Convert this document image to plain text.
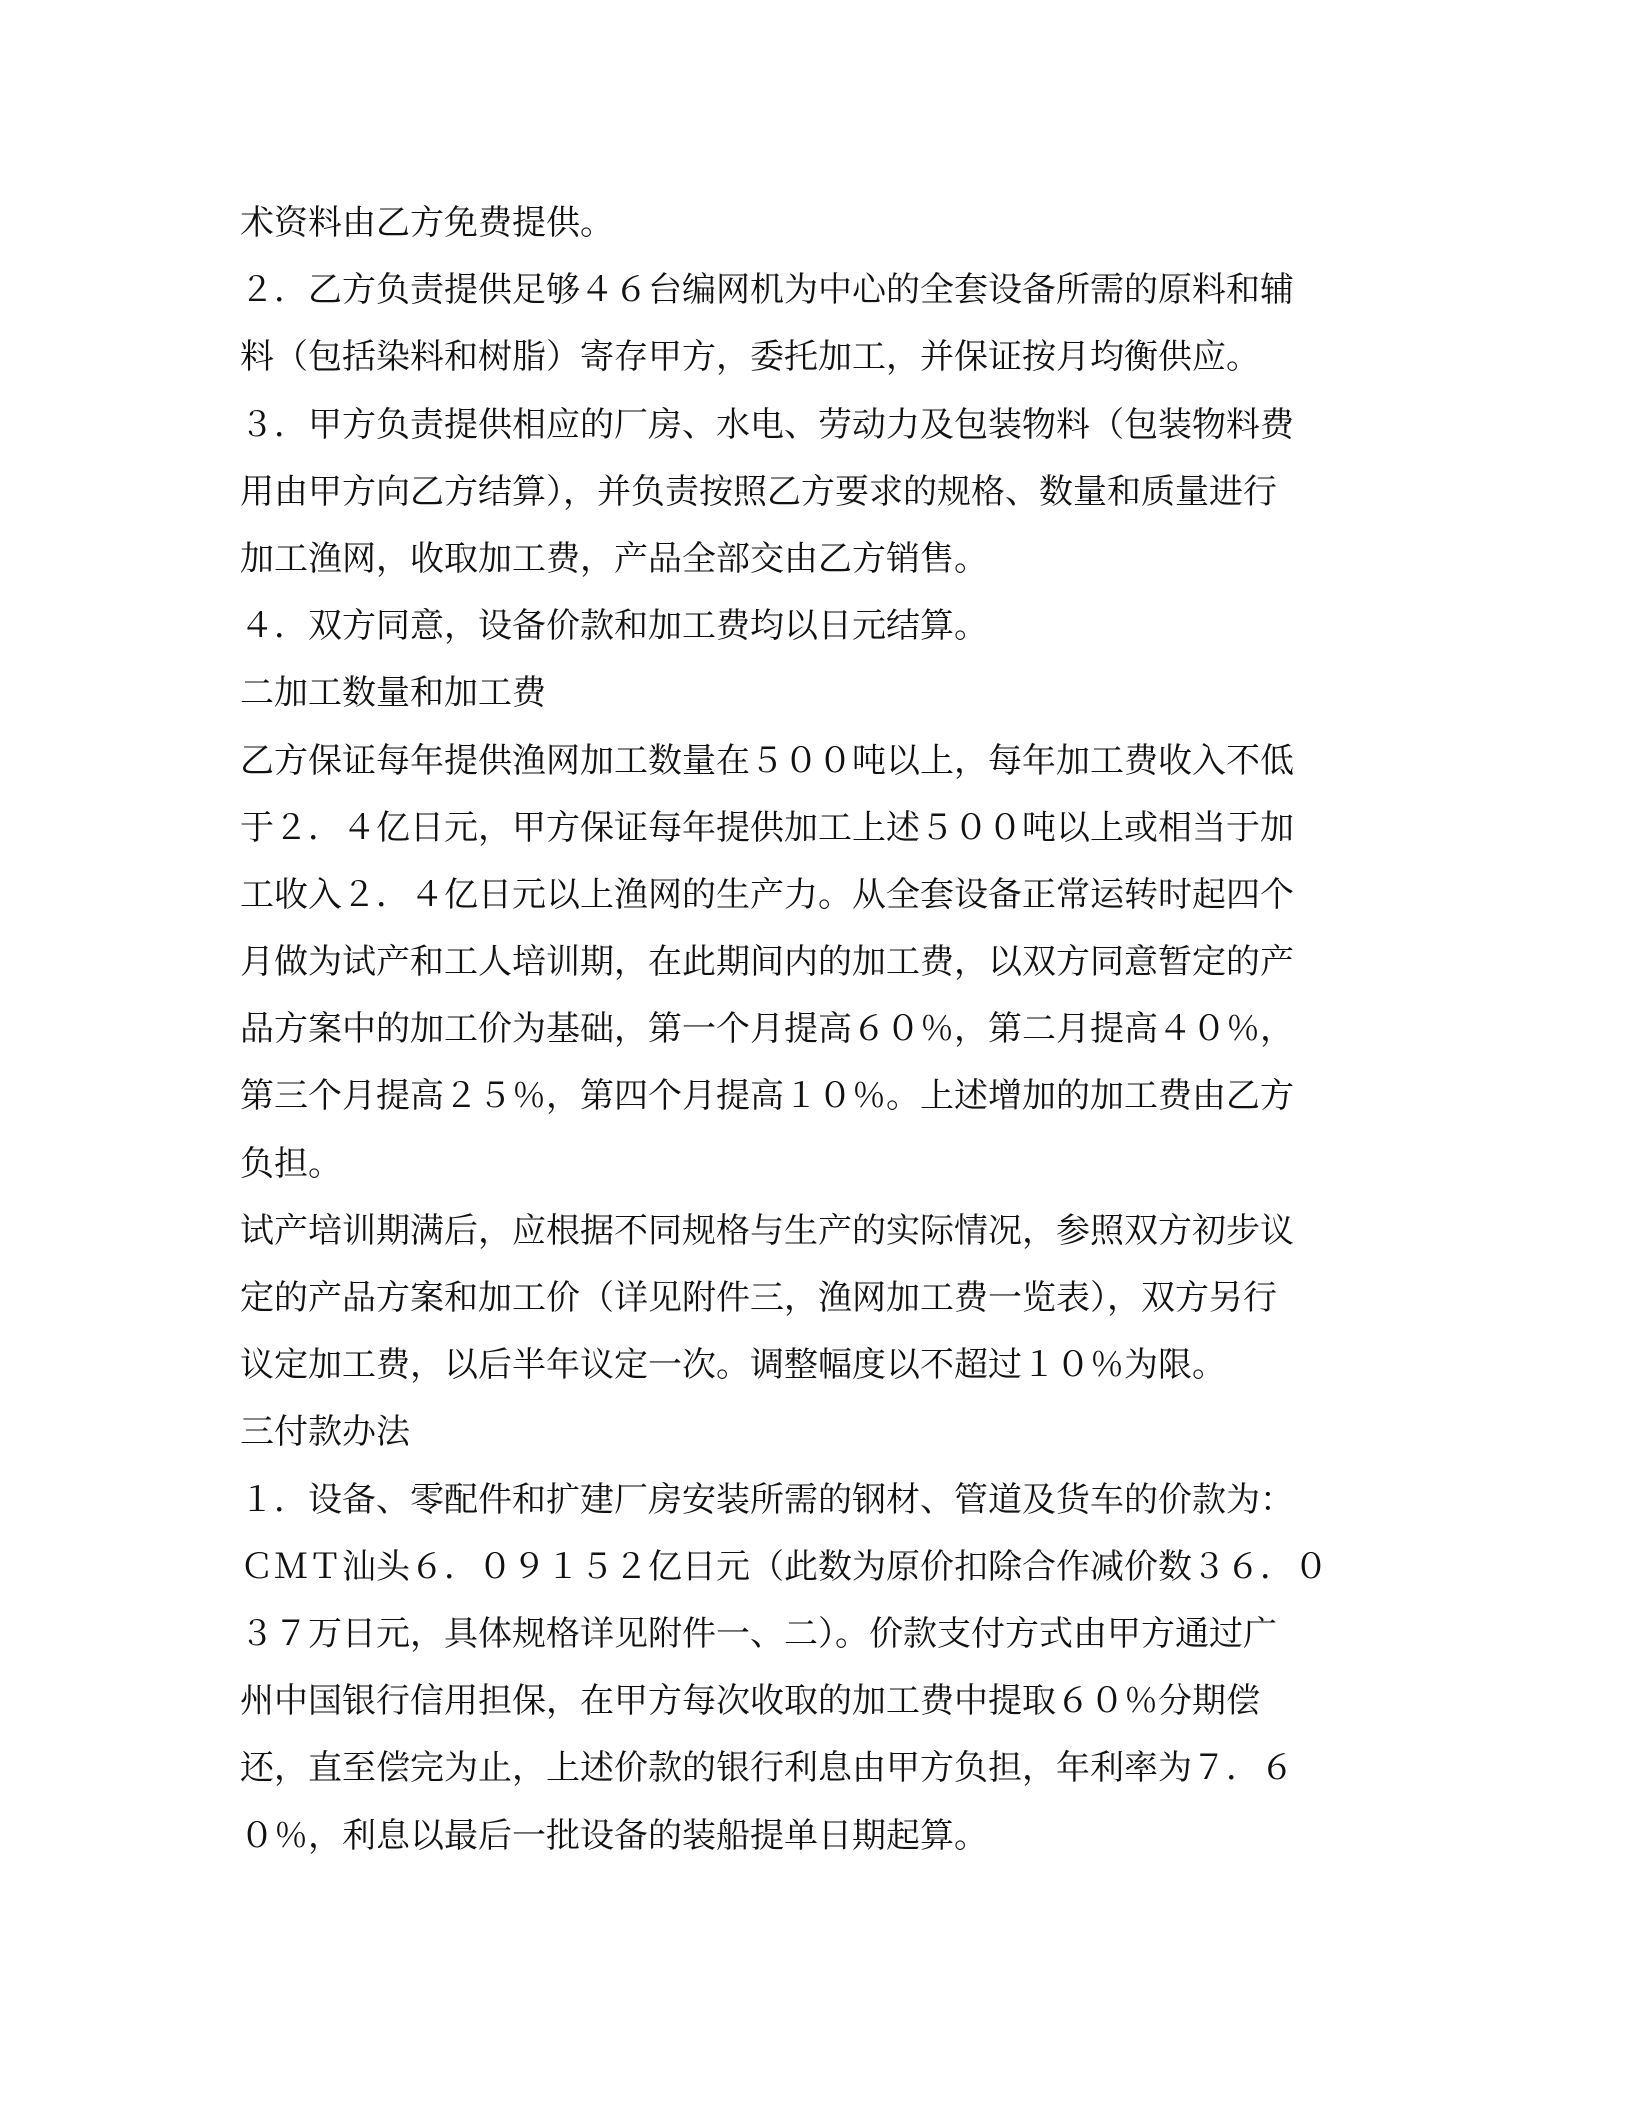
术资料由乙方免费提供。
２．乙方负责提供足够４６台编网机为中心的全套设备所需的原料和辅
料（包括染料和树脂）寄存甲方，委托加工，并保证按月均衡供应。
３．甲方负责提供相应的厂房、水电、劳动力及包装物料（包装物料费
用由甲方向乙方结算），并负责按照乙方要求的规格、数量和质量进行
加工渔网，收取加工费，产品全部交由乙方销售。
４．双方同意，设备价款和加工费均以日元结算。
二加工数量和加工费
乙方保证每年提供渔网加工数量在５００吨以上，每年加工费收入不低
于２．４亿日元，甲方保证每年提供加工上述５００吨以上或相当于加
工收入２．４亿日元以上渔网的生产力。从全套设备正常运转时起四个
月做为试产和工人培训期，在此期间内的加工费，以双方同意暂定的产
品方案中的加工价为基础，第一个月提高６０％，第二月提高４０％，
第三个月提高２５％，第四个月提高１０％。上述增加的加工费由乙方
负担。
试产培训期满后，应根据不同规格与生产的实际情况，参照双方初步议
定的产品方案和加工价（详见附件三，渔网加工费一览表），双方另行
议定加工费，以后半年议定一次。调整幅度以不超过１０％为限。
三付款办法
１．设备、零配件和扩建厂房安装所需的钢材、管道及货车的价款为：
ＣＭＴ汕头６．０９１５２亿日元（此数为原价扣除合作减价数３６．０
３７万日元，具体规格详见附件一、二）。价款支付方式由甲方通过广
州中国银行信用担保，在甲方每次收取的加工费中提取６０％分期偿
还，直至偿完为止，上述价款的银行利息由甲方负担，年利率为７．６
０％，利息以最后一批设备的装船提单日期起算。
